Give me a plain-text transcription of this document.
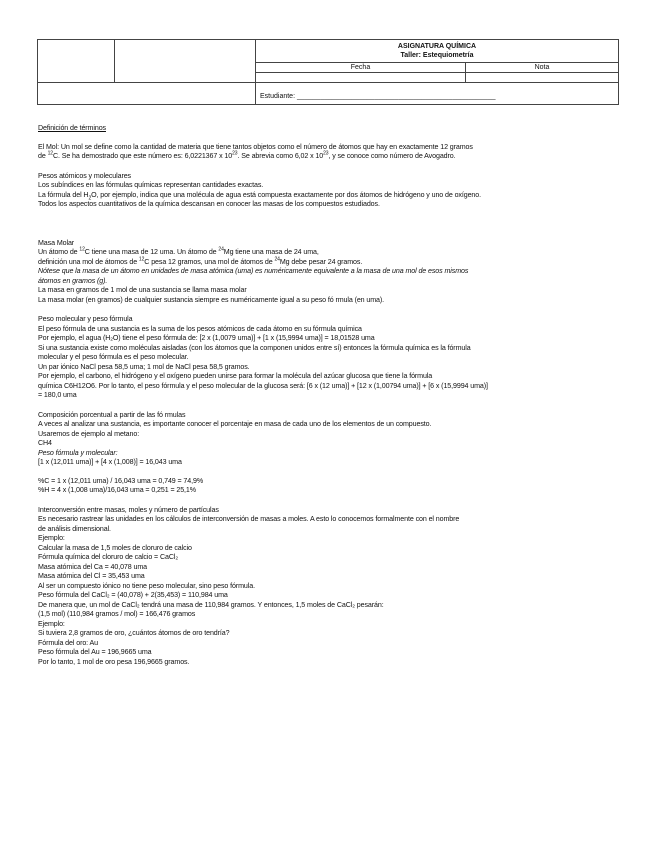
		ASIGNATURA QUÍMICA
Taller: Estequiometría	

		Fecha	Nota

		Estudiante: ___________________________________________________	

Definición de términos

El Mol: Un mol se define como la cantidad de materia que tiene tantos objetos como el número de átomos que hay en exactamente 12 gramos

de $^{12}$C. Se ha demostrado que este número es: 6,0221367 x $10^{23}$. Se abrevia como 6,02 x $10^{23}$, y se conoce como número de Avogadro.

Pesos atómicos y moleculares

Los subíndices en las fórmulas químicas representan cantidades exactas.

La fórmula del $H_2O$, por ejemplo, indica que una molécula de agua está compuesta exactamente por dos átomos de hidrógeno y uno de oxígeno.

Todos los aspectos cuantitativos de la química descansan en conocer las masas de los compuestos estudiados.

Masa Molar

Un átomo de $^{12}$C tiene una masa de 12 uma. Un átomo de $^{24}$Mg tiene una masa de 24 uma,

definición una mol de átomos de $^{12}$C pesa 12 gramos, una mol de átomos de $^{24}$Mg debe pesar 24 gramos.

Nótese que la masa de un átomo en unidades de masa atómica (uma) es numéricamente equivalente a la masa de una mol de esos mismos

átomos en gramos (g).

La masa en gramos de 1 mol de una sustancia se llama masa molar

La masa molar (en gramos) de cualquier sustancia siempre es numéricamente igual a su peso fó rmula (en uma).

Peso molecular y peso fórmula

El peso fórmula de una sustancia es la suma de los pesos atómicos de cada átomo en su fórmula química

Por ejemplo, el agua (H₂O) tiene el peso fórmula de: [2 x (1,0079 uma)] + [1 x (15,9994 uma)] = 18,01528 uma

Si una sustancia existe como moléculas aisladas (con los átomos que la componen unidos entre sí) entonces la fórmula química es la fórmula

molecular y el peso fórmula es el peso molecular.

Un par iónico NaCl pesa 58,5 uma; 1 mol de NaCl pesa 58,5 gramos.

Por ejemplo, el carbono, el hidrógeno y el oxígeno pueden unirse para formar la molécula del azúcar glucosa que tiene la fórmula

química C6H12O6. Por lo tanto, el peso fórmula y el peso molecular de la glucosa será: [6 x (12 uma)] + [12 x (1,00794 uma)] + [6 x (15,9994 uma)]

= 180,0 uma

Composición porcentual a partir de las fó rmulas

A veces al analizar una sustancia, es importante conocer el porcentaje en masa de cada uno de los elementos de un compuesto.

Usaremos de ejemplo al metano:

CH4

Peso fórmula y molecular:

[1 x (12,011 uma)] + [4 x (1,008)] = 16,043 uma

%C = 1 x (12,011 uma) / 16,043 uma = 0,749 = 74,9%

%H = 4 x (1,008 uma)/16,043 uma = 0,251 = 25,1%

Interconversión entre masas, moles y número de partículas

Es necesario rastrear las unidades en los cálculos de interconversión de masas a moles. A esto lo conocemos formalmente con el nombre

de análisis dimensional.

Ejemplo:

Calcular la masa de 1,5 moles de cloruro de calcio

Fórmula química del cloruro de calcio = CaCl₂

Masa atómica del Ca = 40,078 uma

Masa atómica del Cl = 35,453 uma

Al ser un compuesto iónico no tiene peso molecular, sino peso fórmula.

Peso fórmula del CaCl₂ = (40,078) + 2(35,453) = 110,984 uma

De manera que, un mol de CaCl₂ tendrá una masa de 110,984 gramos. Y entonces, 1,5 moles de CaCl₂ pesarán:

(1,5 mol) (110,984 gramos / mol) = 166,476 gramos

Ejemplo:

Si tuviera 2,8 gramos de oro, ¿cuántos átomos de oro tendría?

Fórmula del oro: Au

Peso fórmula del Au = 196,9665 uma

Por lo tanto, 1 mol de oro pesa 196,9665 gramos.
